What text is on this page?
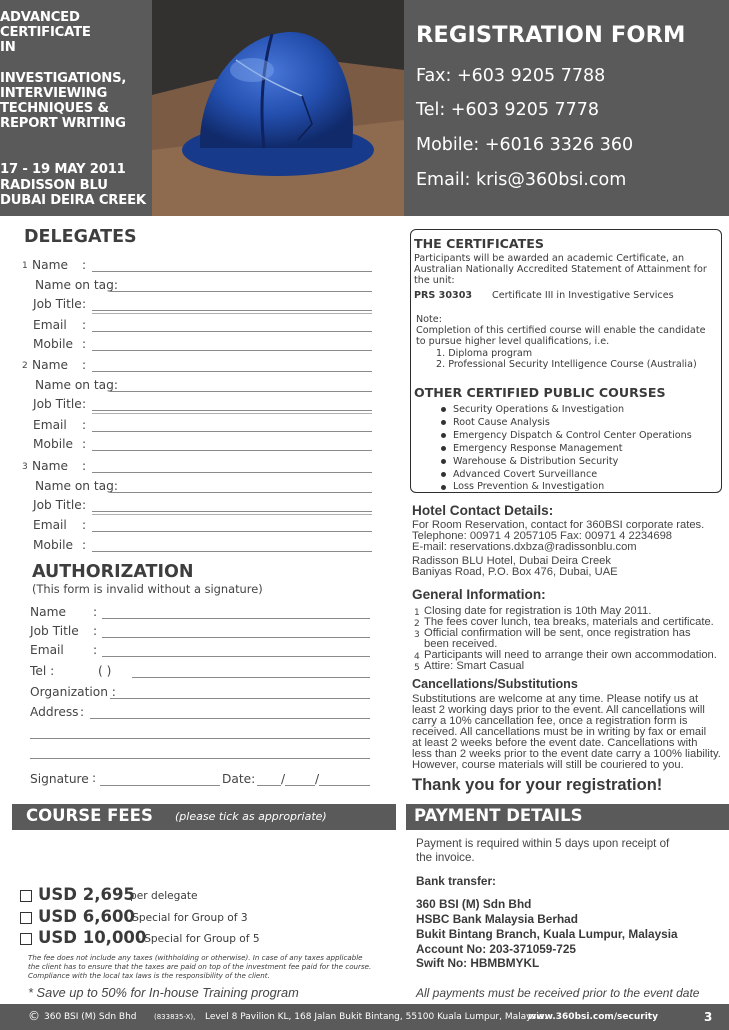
ADVANCED
CERTIFICATE
IN
INVESTIGATIONS,
INTERVIEWING
TECHNIQUES &
REPORT WRITING
17 - 19 MAY 2011
RADISSON BLU
DUBAI DEIRA CREEK
REGISTRATION FORM
Fax: +603 9205 7788
Tel: +603 9205 7778
Mobile: +6016 3326 360
Email: kris@360bsi.com
DELEGATES
1 Name :
Name on tag:
Job Title :
Email :
Mobile :
2 Name :
Name on tag:
Job Title :
Email :
Mobile :
3 Name :
Name on tag:
Job Title :
Email :
Mobile :
AUTHORIZATION
(This form is invalid without a signature)
Name :
Job Title :
Email :
Tel :	( )
Organization :
Address :
Signature :	Date: / /
THE CERTIFICATES
Participants will be awarded an academic Certificate, an
Australian Nationally Accredited Statement of Attainment for
the unit:
PRS 30303 Certificate III in Investigative Services
Note:
Completion of this certified course will enable the candidate
to pursue higher level qualifications, i.e.
1. Diploma program
2. Professional Security Intelligence Course (Australia)
OTHER CERTIFIED PUBLIC COURSES
Security Operations & Investigation
Root Cause Analysis
Emergency Dispatch & Control Center Operations
Emergency Response Management
Warehouse & Distribution Security
Advanced Covert Surveillance
Loss Prevention & Investigation
Hotel Contact Details:
For Room Reservation, contact for 360BSI corporate rates.
Telephone: 00971 4 2057105 Fax: 00971 4 2234698
E-mail: reservations.dxbza@radissonblu.com
Radisson BLU Hotel, Dubai Deira Creek
Baniyas Road, P.O. Box 476, Dubai, UAE
General Information:
1 Closing date for registration is 10th May 2011.
2 The fees cover lunch, tea breaks, materials and certificate.
3 Official confirmation will be sent, once registration has
been received.
4 Participants will need to arrange their own accommodation.
5 Attire: Smart Casual
Cancellations/Substitutions
Substitutions are welcome at any time. Please notify us at
least 2 working days prior to the event. All cancellations will
carry a 10% cancellation fee, once a registration form is
received. All cancellations must be in writing by fax or email
at least 2 weeks before the event date. Cancellations with
less than 2 weeks prior to the event date carry a 100% liability.
However, course materials will still be couriered to you.
Thank you for your registration!
COURSE FEES (please tick as appropriate)	PAYMENT DETAILS
USD 2,695
per delegate
USD 6,600
- Special for Group of 3
USD 10,000
- Special for Group of 5
The fee does not include any taxes (withholding or otherwise). In case of any taxes applicable
the client has to ensure that the taxes are paid on top of the investment fee paid for the course.
Compliance with the local tax laws is the responsibility of the client.
* Save up to 50% for In-house Training program
Payment is required within 5 days upon receipt of
the invoice.
Bank transfer:
360 BSI (M) Sdn Bhd
HSBC Bank Malaysia Berhad
Bukit Bintang Branch, Kuala Lumpur, Malaysia
Account No: 203-371059-725
Swift No: HBMBMYKL
All payments must be received prior to the event date
© 360 BSI (M) Sdn Bhd (833835-X), Level 8 Pavilion KL, 168 Jalan Bukit Bintang, 55100 Kuala Lumpur, Malaysia.
www.360bsi.com/security	3
